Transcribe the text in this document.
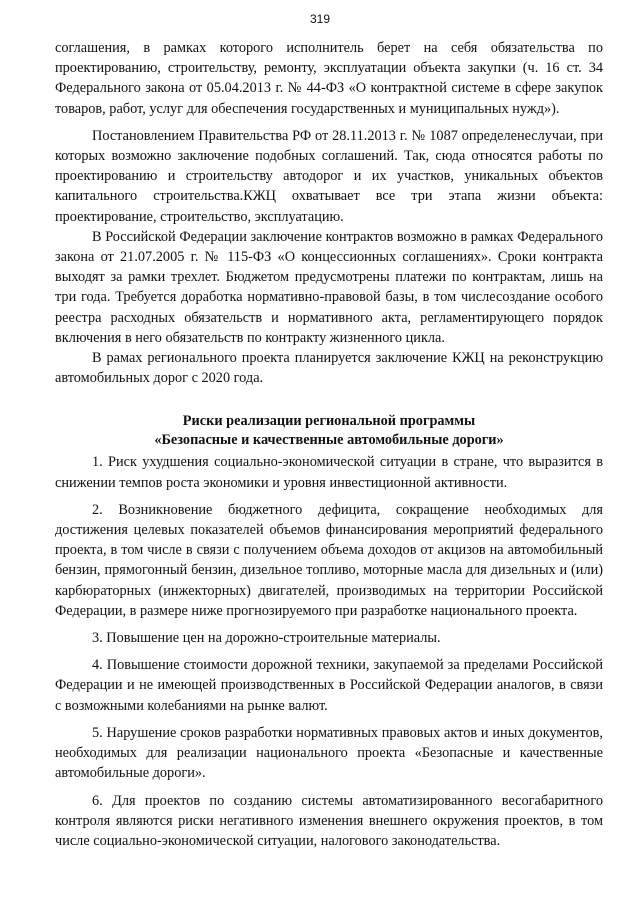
319

соглашения, в рамках которого исполнитель берет на себя обязательства по проектированию, строительству, ремонту, эксплуатации объекта закупки (ч. 16 ст. 34 Федерального закона от 05.04.2013 г. № 44-ФЗ «О контрактной системе в сфере закупок товаров, работ, услуг для обеспечения государственных и муниципальных нужд»).

Постановлением Правительства РФ от 28.11.2013 г. № 1087 определенеслучаи, при которых возможно заключение подобных соглашений. Так, сюда относятся работы по проектированию и строительству автодорог и их участков, уникальных объектов капитального строительства.КЖЦ охватывает все три этапа жизни объекта: проектирование, строительство, эксплуатацию.

В Российской Федерации заключение контрактов возможно в рамках Федерального закона от 21.07.2005 г. № 115-ФЗ «О концессионных соглашениях». Сроки контракта выходят за рамки трехлет. Бюджетом предусмотрены платежи по контрактам, лишь на три года. Требуется доработка нормативно-правовой базы, в том числесоздание особого реестра расходных обязательств и нормативного акта, регламентирующего порядок включения в него обязательств по контракту жизненного цикла.

В рамах регионального проекта планируется заключение КЖЦ на реконструкцию автомобильных дорог с 2020 года.

Риски реализации региональной программы
«Безопасные и качественные автомобильные дороги»

1. Риск ухудшения социально-экономической ситуации в стране, что выразится в снижении темпов роста экономики и уровня инвестиционной активности.

2. Возникновение бюджетного дефицита, сокращение необходимых для достижения целевых показателей объемов финансирования мероприятий федерального проекта, в том числе в связи с получением объема доходов от акцизов на автомобильный бензин, прямогонный бензин, дизельное топливо, моторные масла для дизельных и (или) карбюраторных (инжекторных) двигателей, производимых на территории Российской Федерации, в размере ниже прогнозируемого при разработке национального проекта.

3. Повышение цен на дорожно-строительные материалы.

4. Повышение стоимости дорожной техники, закупаемой за пределами Российской Федерации и не имеющей производственных в Российской Федерации аналогов, в связи с возможными колебаниями на рынке валют.

5. Нарушение сроков разработки нормативных правовых актов и иных документов, необходимых для реализации национального проекта «Безопасные и качественные автомобильные дороги».

6. Для проектов по созданию системы автоматизированного весогабаритного контроля являются риски негативного изменения внешнего окружения проектов, в том числе социально-экономической ситуации, налогового законодательства.
